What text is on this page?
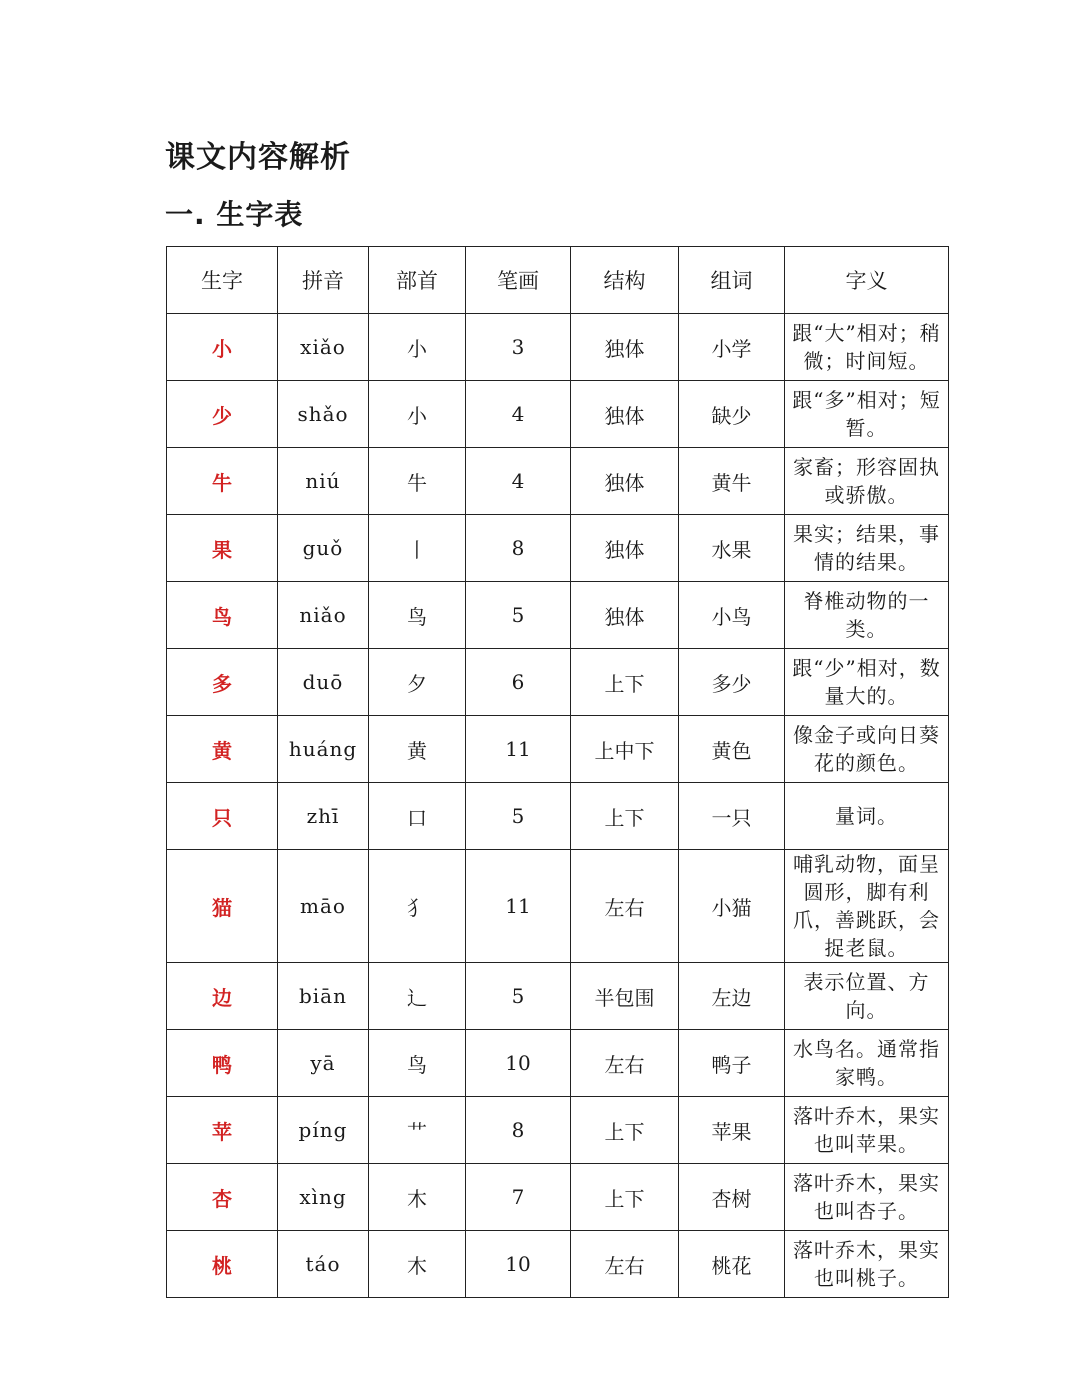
课文内容解析
一. 生字表
生字	拼音	部首	笔画	结构	组词	字义
小	xiǎo	小	3	独体	小学	跟“大”相对；稍微；时间短。
少	shǎo	小	4	独体	缺少	跟“多”相对；短暂。
牛	niú	牛	4	独体	黄牛	家畜；形容固执或骄傲。
果	guǒ	丨	8	独体	水果	果实；结果，事情的结果。
鸟	niǎo	鸟	5	独体	小鸟	脊椎动物的一类。
多	duō	夕	6	上下	多少	跟“少”相对，数量大的。
黄	huáng	黄	11	上中下	黄色	像金子或向日葵花的颜色。
只	zhī	口	5	上下	一只	量词。
猫	māo	犭	11	左右	小猫	哺乳动物，面呈圆形，脚有利爪，善跳跃，会捉老鼠。
边	biān	辶	5	半包围	左边	表示位置、方向。
鸭	yā	鸟	10	左右	鸭子	水鸟名。通常指家鸭。
苹	píng	艹	8	上下	苹果	落叶乔木，果实也叫苹果。
杏	xìng	木	7	上下	杏树	落叶乔木，果实也叫杏子。
桃	táo	木	10	左右	桃花	落叶乔木，果实也叫桃子。
